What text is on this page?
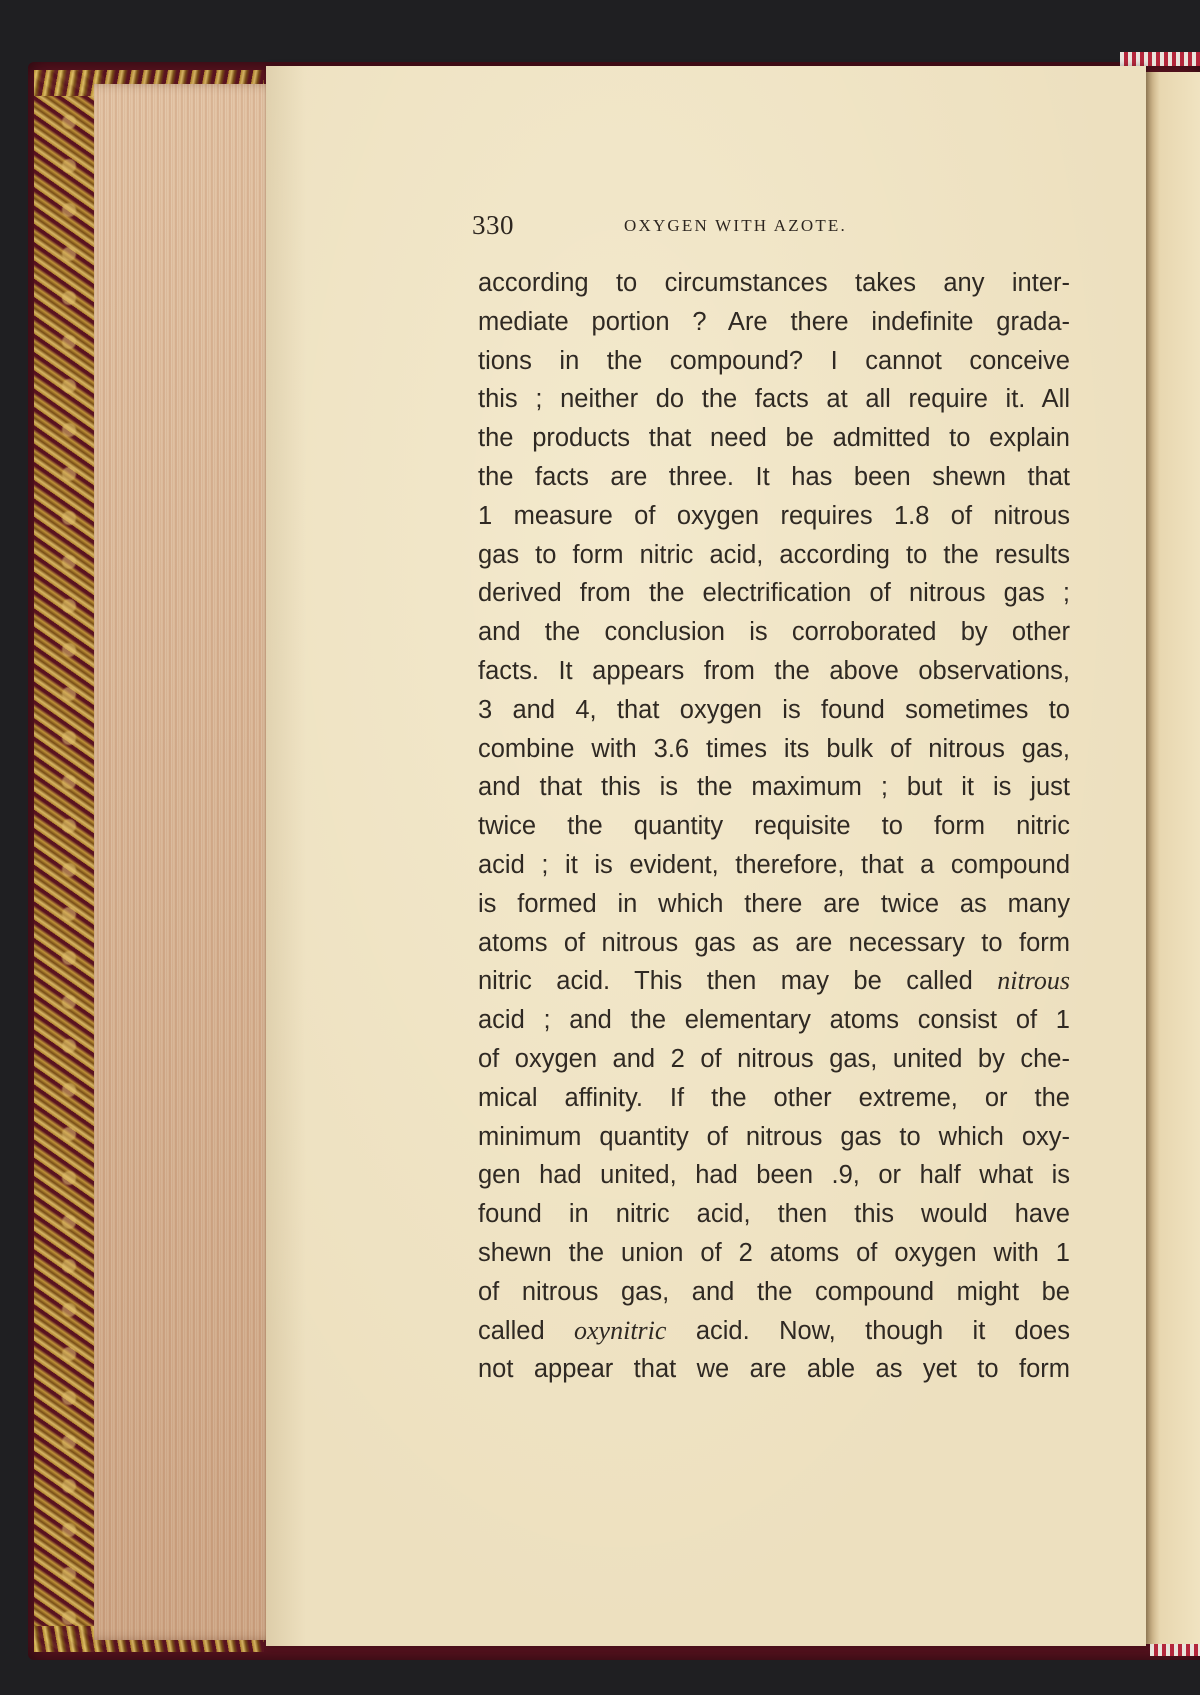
330	OXYGEN WITH AZOTE.
according to circumstances takes any inter-
mediate portion ? Are there indefinite grada-
tions in the compound? I cannot conceive
this ; neither do the facts at all require it. All
the products that need be admitted to explain
the facts are three. It has been shewn that
1 measure of oxygen requires 1.8 of nitrous
gas to form nitric acid, according to the results
derived from the electrification of nitrous gas ;
and the conclusion is corroborated by other
facts. It appears from the above observations,
3 and 4, that oxygen is found sometimes to
combine with 3.6 times its bulk of nitrous gas,
and that this is the maximum ; but it is just
twice the quantity requisite to form nitric
acid ; it is evident, therefore, that a compound
is formed in which there are twice as many
atoms of nitrous gas as are necessary to form
nitric acid. This then may be called nitrous
acid ; and the elementary atoms consist of 1
of oxygen and 2 of nitrous gas, united by che-
mical affinity. If the other extreme, or the
minimum quantity of nitrous gas to which oxy-
gen had united, had been .9, or half what is
found in nitric acid, then this would have
shewn the union of 2 atoms of oxygen with 1
of nitrous gas, and the compound might be
called oxynitric acid. Now, though it does
not appear that we are able as yet to form
